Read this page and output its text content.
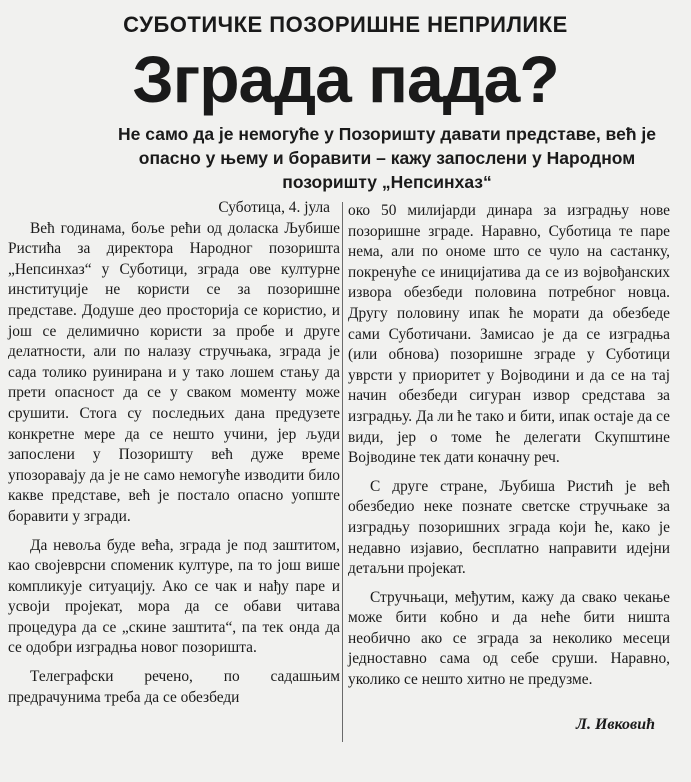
СУБОТИЧКЕ ПОЗОРИШНЕ НЕПРИЛИКЕ
Зграда пада?
Не само да је немогуће у Позоришту давати представе, већ је опасно у њему и боравити – кажу запослени у Народном позоришту „Непсинхаз“
Суботица, 4. јула

Већ годинама, боље рећи од доласка Љубише Ристића за директора Народног позоришта „Непсинхаз“ у Суботици, зграда ове културне институције не користи се за позоришне представе. Додуше део просторија се користио, и још се делимично користи за пробе и друге делатности, али по налазу стручњака, зграда је сада толико руинирана и у тако лошем стању да прети опасност да се у сваком моменту може срушити. Стога су последњих дана предузете конкретне мере да се нешто учини, јер људи запослени у Позоришту већ дуже време упозоравају да је не само немогуће изводити било какве представе, већ је постало опасно уопште боравити у згради.

Да невоља буде већа, зграда је под заштитом, као својеврсни споменик културе, па то још више компликује ситуацију. Ако се чак и нађу паре и усвоји пројекат, мора да се обави читава процедура да се „скине заштита“, па тек онда да се одобри изградња новог позоришта.

Телеграфски речено, по садашњим предрачунима треба да се обезбеди

око 50 милијарди динара за изградњу нове позоришне зграде. Наравно, Суботица те паре нема, али по ономе што се чуло на састанку, покренуће се иницијатива да се из војвођанских извора обезбеди половина потребног новца. Другу половину ипак ће морати да обезбеде сами Суботичани. Замисао је да се изградња (или обнова) позоришне зграде у Суботици уврсти у приоритет у Војводини и да се на тај начин обезбеди сигуран извор средстава за изградњу. Да ли ће тако и бити, ипак остаје да се види, јер о томе ће делегати Скупштине Војводине тек дати коначну реч.

С друге стране, Љубиша Ристић је већ обезбедио неке познате светске стручњаке за изградњу позоришних зграда који ће, како је недавно изјавио, бесплатно направити идејни детаљни пројекат.

Стручњаци, међутим, кажу да свако чекање може бити кобно и да неће бити ништа необично ако се зграда за неколико месеци једноставно сама од себе сруши. Наравно, уколико се нешто хитно не предузме.

Л. Ивковић
